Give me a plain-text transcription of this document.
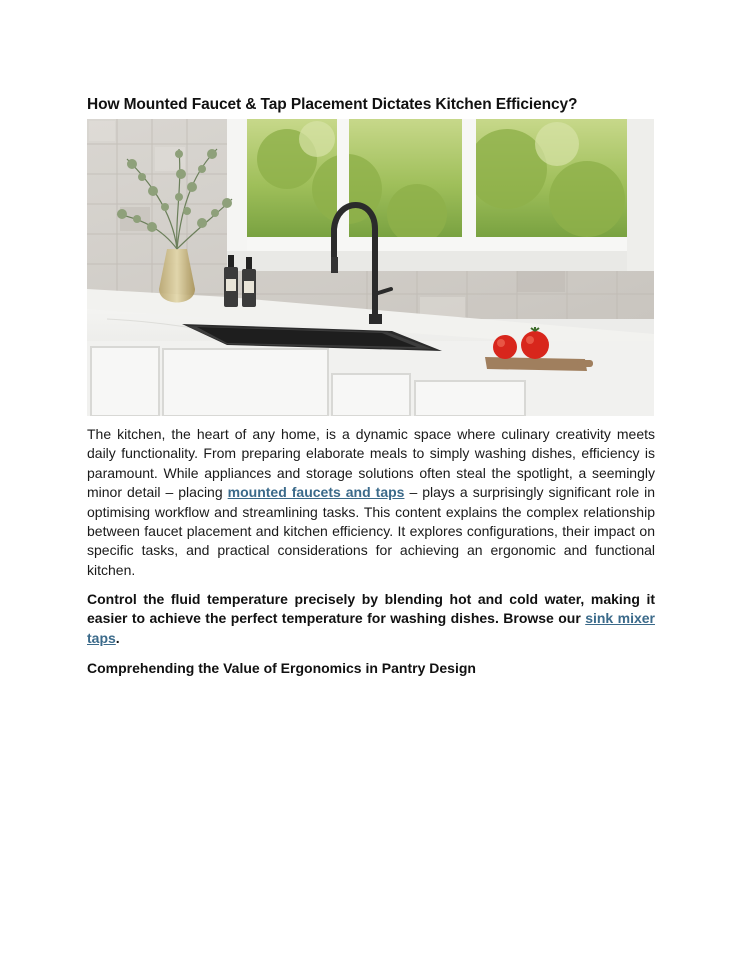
How Mounted Faucet & Tap Placement Dictates Kitchen Efficiency?

The kitchen, the heart of any home, is a dynamic space where culinary creativity meets daily functionality. From preparing elaborate meals to simply washing dishes, efficiency is paramount. While appliances and storage solutions often steal the spotlight, a seemingly minor detail – placing mounted faucets and taps – plays a surprisingly significant role in optimising workflow and streamlining tasks. This content explains the complex relationship between faucet placement and kitchen efficiency. It explores configurations, their impact on specific tasks, and practical considerations for achieving an ergonomic and functional kitchen.

Control the fluid temperature precisely by blending hot and cold water, making it easier to achieve the perfect temperature for washing dishes. Browse our sink mixer taps.

Comprehending the Value of Ergonomics in Pantry Design
